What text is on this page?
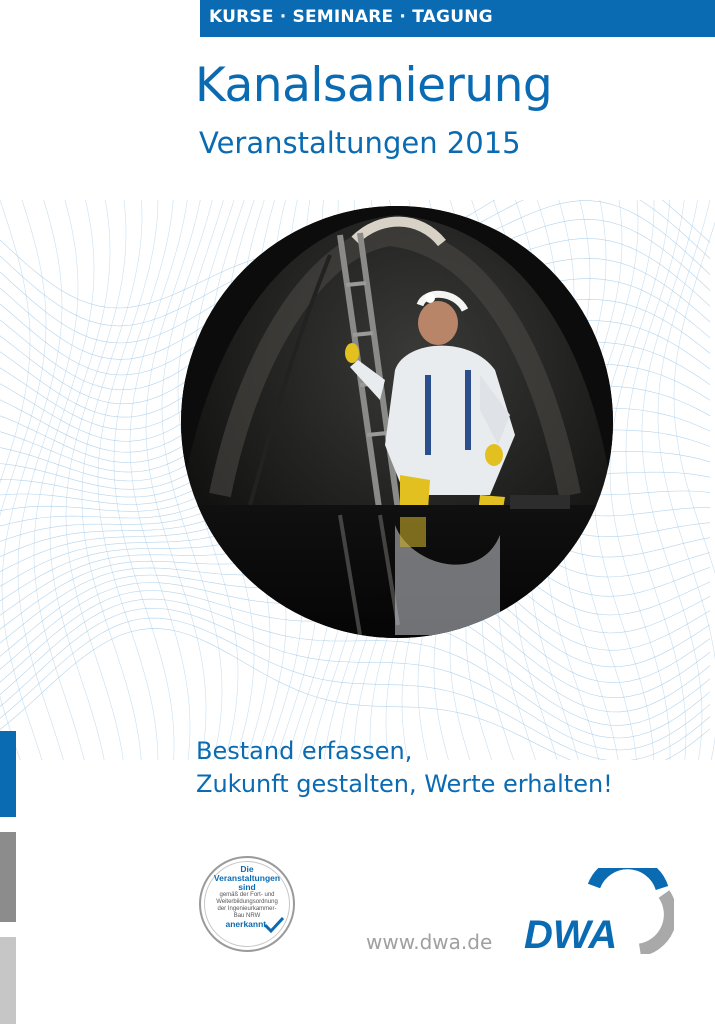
KURSE · SEMINARE · TAGUNG
Kanalsanierung
Veranstaltungen 2015
Bestand erfassen,
Zukunft gestalten, Werte erhalten!
Die
Veranstaltungen
sind
gemäß der Fort- und
Weiterbildungsordnung
der Ingenieurkammer-
Bau NRW
anerkannt.
www.dwa.de DWA
